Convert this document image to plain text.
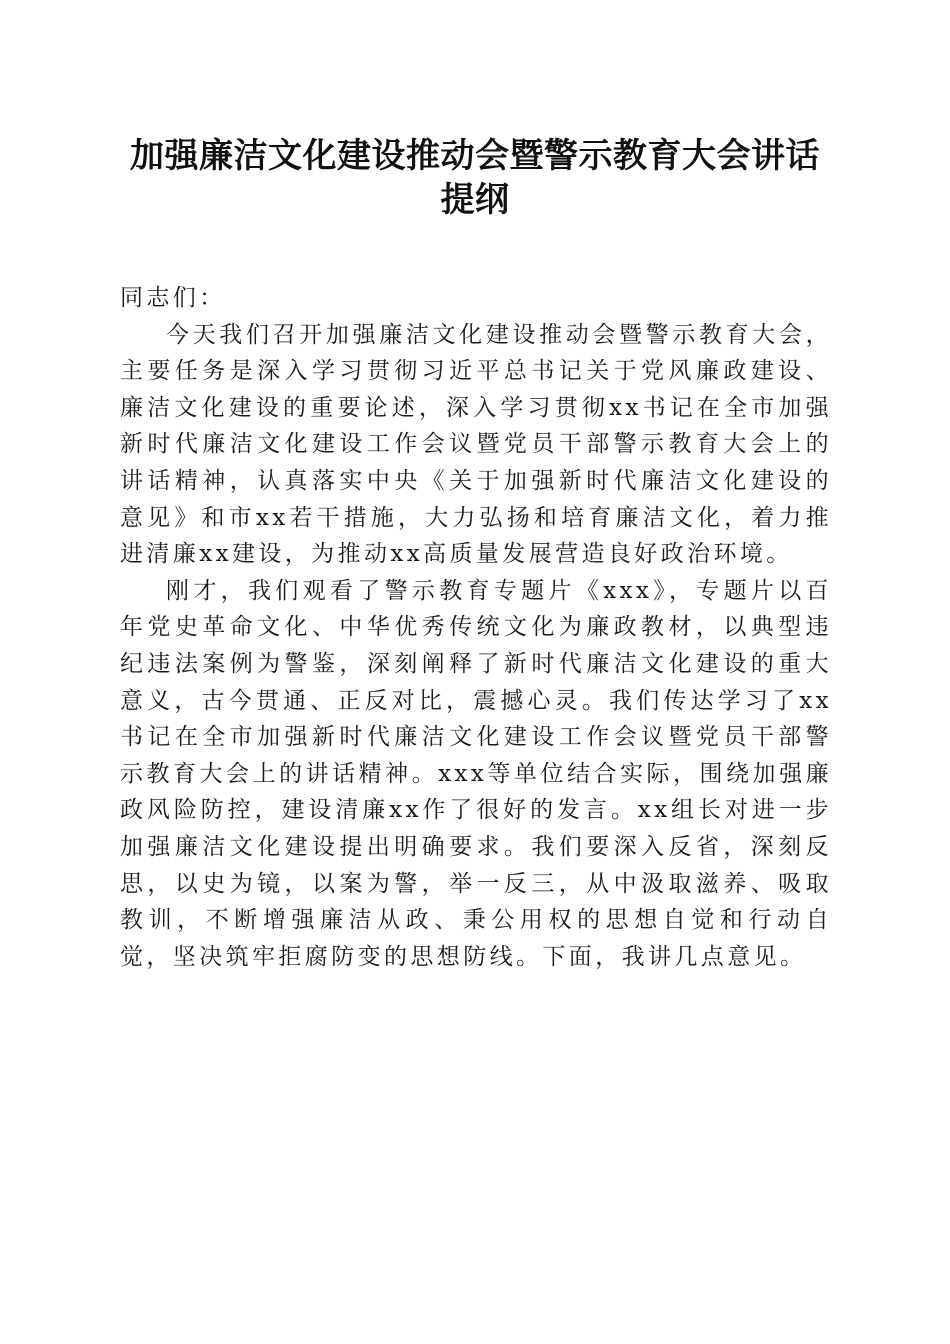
加强廉洁文化建设推动会暨警示教育大会讲话
提纲

同志们：

今天我们召开加强廉洁文化建设推动会暨警示教育大会，主要任务是深入学习贯彻习近平总书记关于党风廉政建设、廉洁文化建设的重要论述，深入学习贯彻xx书记在全市加强新时代廉洁文化建设工作会议暨党员干部警示教育大会上的讲话精神，认真落实中央《关于加强新时代廉洁文化建设的意见》和市xx若干措施，大力弘扬和培育廉洁文化，着力推进清廉xx建设，为推动xx高质量发展营造良好政治环境。

刚才，我们观看了警示教育专题片《xxx》，专题片以百年党史革命文化、中华优秀传统文化为廉政教材，以典型违纪违法案例为警鉴，深刻阐释了新时代廉洁文化建设的重大意义，古今贯通、正反对比，震撼心灵。我们传达学习了xx书记在全市加强新时代廉洁文化建设工作会议暨党员干部警示教育大会上的讲话精神。xxx等单位结合实际，围绕加强廉政风险防控，建设清廉xx作了很好的发言。xx组长对进一步加强廉洁文化建设提出明确要求。我们要深入反省，深刻反思，以史为镜，以案为警，举一反三，从中汲取滋养、吸取教训，不断增强廉洁从政、秉公用权的思想自觉和行动自觉，坚决筑牢拒腐防变的思想防线。下面，我讲几点意见。
